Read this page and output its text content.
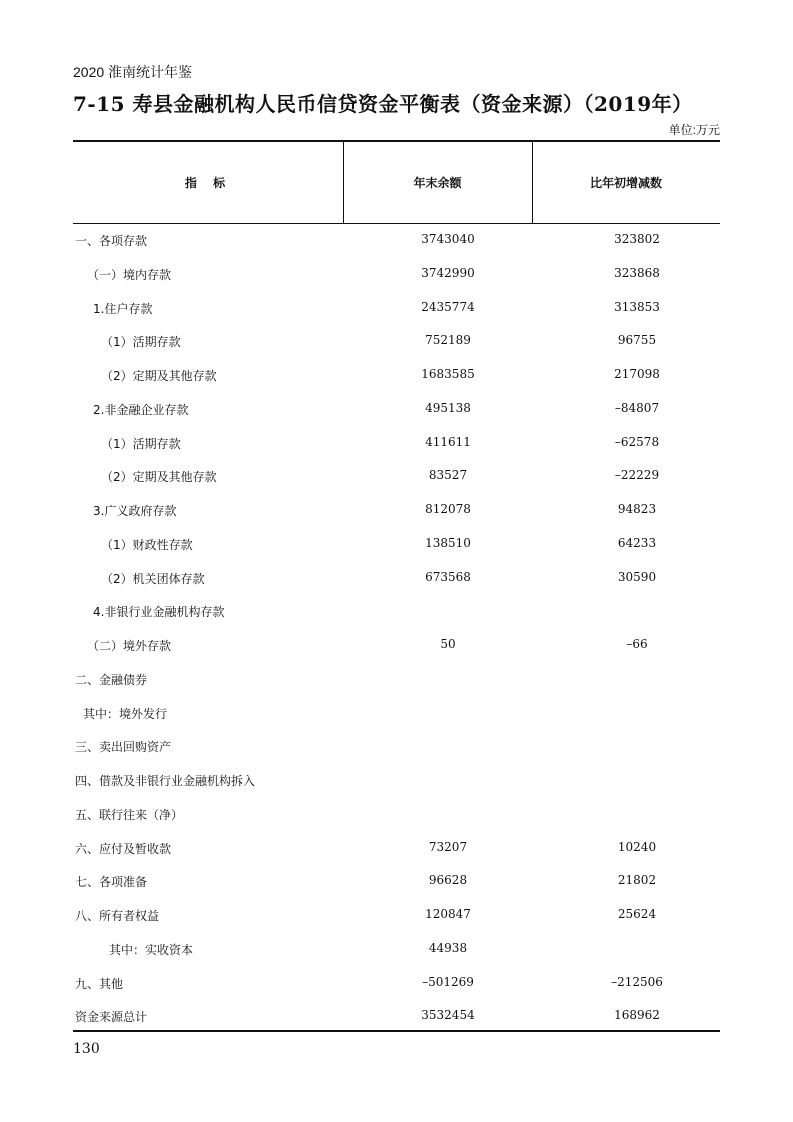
2020 淮南统计年鉴
7-15 寿县金融机构人民币信贷资金平衡表（资金来源）（2019年）
单位:万元
指 标	年末余额	比年初增减数
一、各项存款	3743040	323802
（一）境内存款	3742990	323868
1.住户存款	2435774	313853
（1）活期存款	752189	96755
（2）定期及其他存款	1683585	217098
2.非金融企业存款	495138	–84807
（1）活期存款	411611	–62578
（2）定期及其他存款	83527	–22229
3.广义政府存款	812078	94823
（1）财政性存款	138510	64233
（2）机关团体存款	673568	30590
4.非银行业金融机构存款
（二）境外存款	50	–66
二、金融债券
其中：境外发行
三、卖出回购资产
四、借款及非银行业金融机构拆入
五、联行往来（净）
六、应付及暂收款	73207	10240
七、各项准备	96628	21802
八、所有者权益	120847	25624
其中：实收资本	44938
九、其他	–501269	–212506
资金来源总计	3532454	168962
130
